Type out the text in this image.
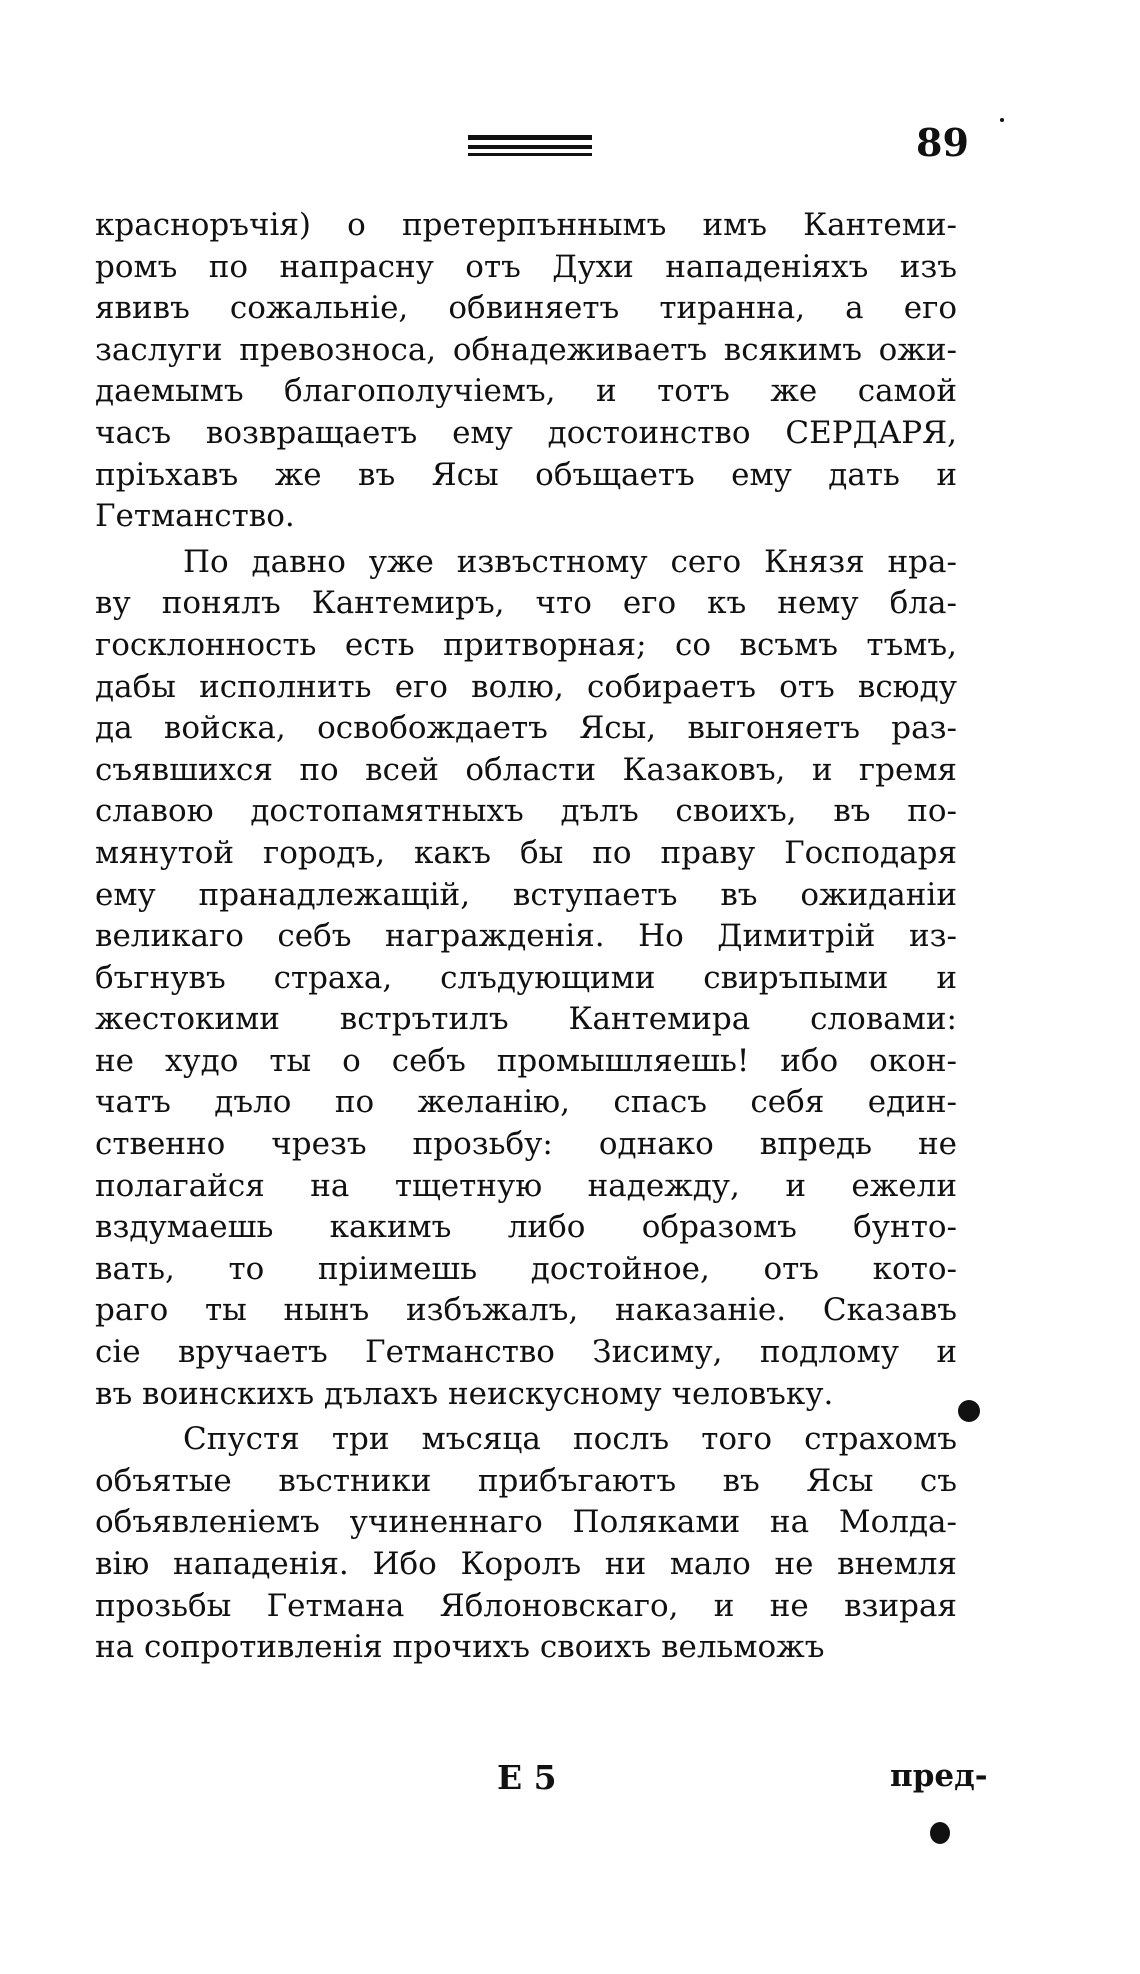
89
красноръчія) о претерпъннымъ имъ Кантеми-
ромъ по напрасну отъ Духи нападеніяхъ изъ
явивъ сожальніе, обвиняетъ тиранна, а его
заслуги превозноса, обнадеживаетъ всякимъ ожи-
даемымъ благополучіемъ, и тотъ же самой
часъ возвращаетъ ему достоинство СЕРДАРЯ,
пріъхавъ же въ Ясы объщаетъ ему дать и
Гетманство.
По давно уже извъстному сего Князя нра-
ву понялъ Кантемиръ, что его къ нему бла-
госклонность есть притворная; со всъмъ тъмъ,
дабы исполнить его волю, собираетъ отъ всюду
да войска, освобождаетъ Ясы, выгоняетъ раз-
съявшихся по всей области Казаковъ, и гремя
славою достопамятныхъ дълъ своихъ, въ по-
мянутой городъ, какъ бы по праву Господаря
ему пранадлежащій, вступаетъ въ ожиданіи
великаго себъ награжденія. Но Димитрій из-
бъгнувъ страха, слъдующими свиръпыми и
жестокими встрътилъ Кантемира словами:
не худо ты о себъ промышляешь! ибо окон-
чатъ дъло по желанію, спасъ себя един-
ственно чрезъ прозьбу: однако впредь не
полагайся на тщетную надежду, и ежели
вздумаешь какимъ либо образомъ бунто-
вать, то пріимешь достойное, отъ кото-
раго ты нынъ избъжалъ, наказаніе. Сказавъ
сіе вручаетъ Гетманство Зисиму, подлому и
въ воинскихъ дълахъ неискусному человъку.
Спустя три мъсяца послъ того страхомъ
объятые въстники прибъгаютъ въ Ясы съ
объявленіемъ учиненнаго Поляками на Молда-
вію нападенія. Ибо Королъ ни мало не внемля
прозьбы Гетмана Яблоновскаго, и не взирая
на сопротивленія прочихъ своихъ вельможъ
E 5	пред-
